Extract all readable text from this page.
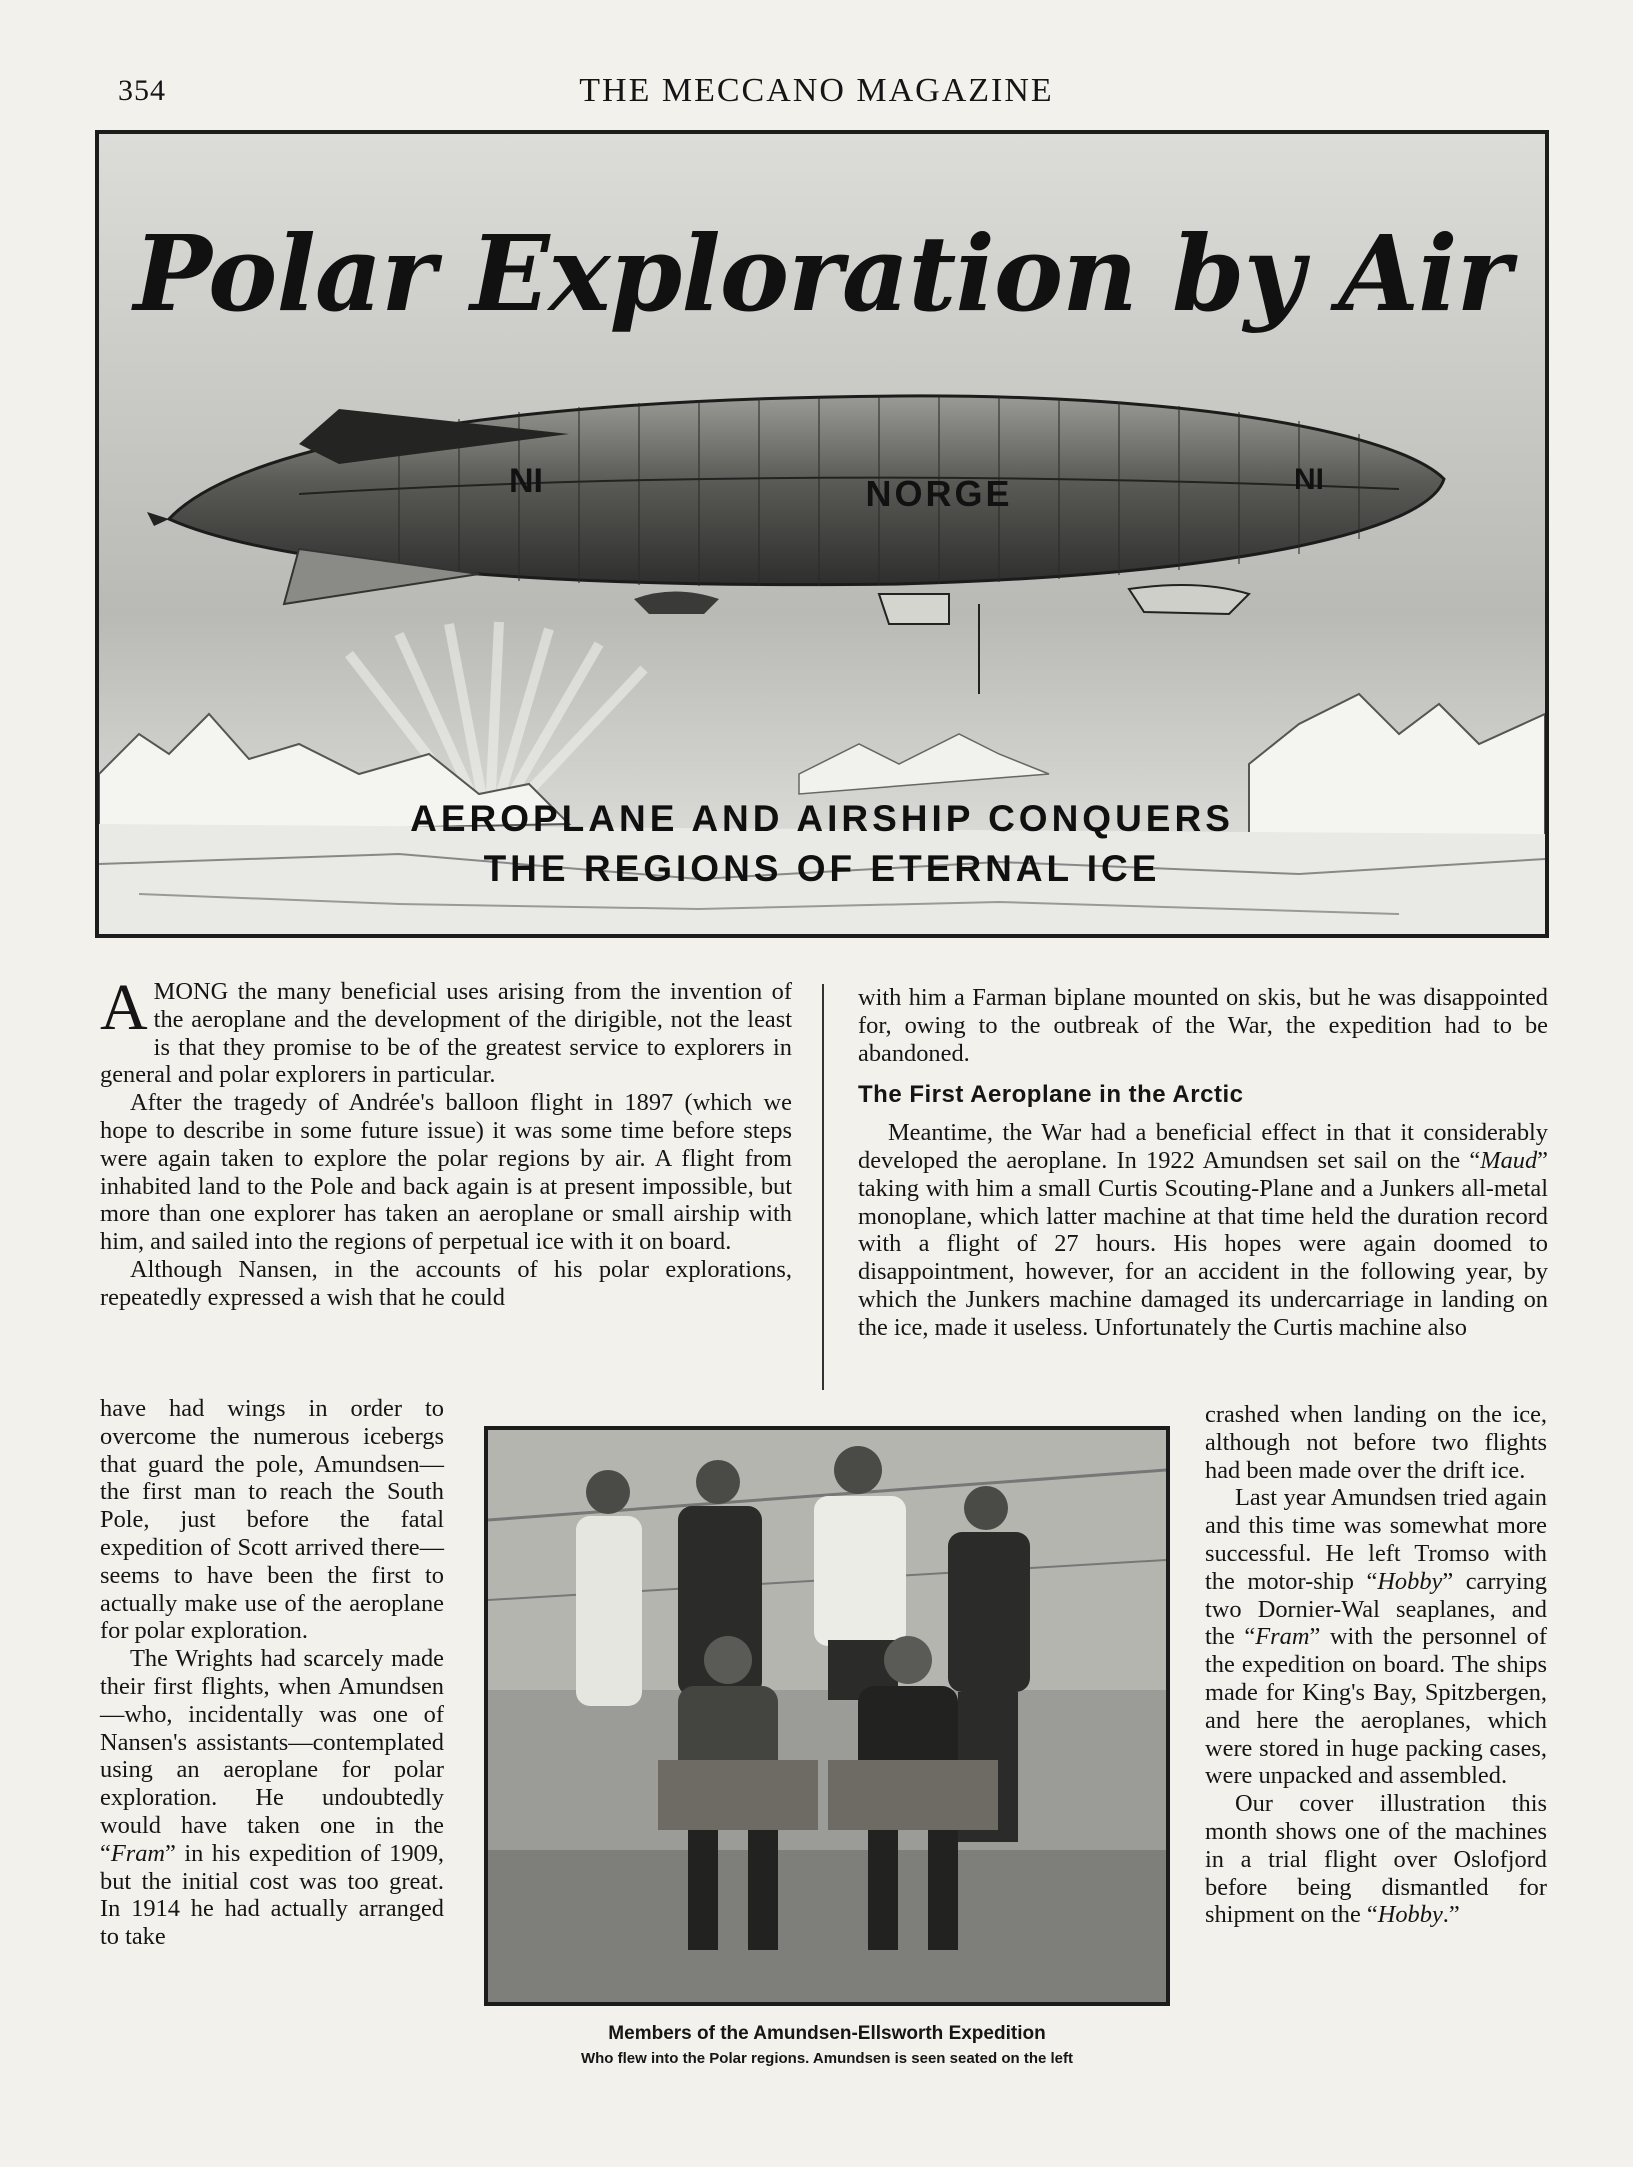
354	THE MECCANO MAGAZINE
NI	NORGE	NI
Polar Exploration by Air
AEROPLANE AND AIRSHIP CONQUERS
THE REGIONS OF ETERNAL ICE

AMONG the many beneficial uses arising from the invention of the aeroplane and the development of the dirigible, not the least is that they promise to be of the greatest service to explorers in general and polar explorers in particular.

After the tragedy of Andrée's balloon flight in 1897 (which we hope to describe in some future issue) it was some time before steps were again taken to explore the polar regions by air. A flight from inhabited land to the Pole and back again is at present impossible, but more than one explorer has taken an aeroplane or small airship with him, and sailed into the regions of perpetual ice with it on board.

Although Nansen, in the accounts of his polar explorations, repeatedly expressed a wish that he could

have had wings in order to overcome the numerous icebergs that guard the pole, Amundsen—the first man to reach the South Pole, just before the fatal expedition of Scott arrived there—seems to have been the first to actually make use of the aeroplane for polar exploration.

The Wrights had scarcely made their first flights, when Amundsen—who, incidentally was one of Nansen's assistants—contemplated using an aeroplane for polar exploration. He undoubtedly would have taken one in the “Fram” in his expedition of 1909, but the initial cost was too great. In 1914 he had actually arranged to take

with him a Farman biplane mounted on skis, but he was disappointed for, owing to the outbreak of the War, the expedition had to be abandoned.

The First Aeroplane in the Arctic

Meantime, the War had a beneficial effect in that it considerably developed the aeroplane. In 1922 Amundsen set sail on the “Maud” taking with him a small Curtis Scouting-Plane and a Junkers all-metal monoplane, which latter machine at that time held the duration record with a flight of 27 hours. His hopes were again doomed to disappointment, however, for an accident in the following year, by which the Junkers machine damaged its undercarriage in landing on the ice, made it useless. Unfortunately the Curtis machine also

crashed when landing on the ice, although not before two flights had been made over the drift ice.

Last year Amundsen tried again and this time was somewhat more successful. He left Tromso with the motor-ship “Hobby” carrying two Dornier-Wal seaplanes, and the “Fram” with the personnel of the expedition on board. The ships made for King's Bay, Spitzbergen, and here the aeroplanes, which were stored in huge packing cases, were unpacked and assembled.

Our cover illustration this month shows one of the machines in a trial flight over Oslofjord before being dismantled for shipment on the “Hobby.”

Members of the Amundsen-Ellsworth Expedition
Who flew into the Polar regions. Amundsen is seen seated on the left
